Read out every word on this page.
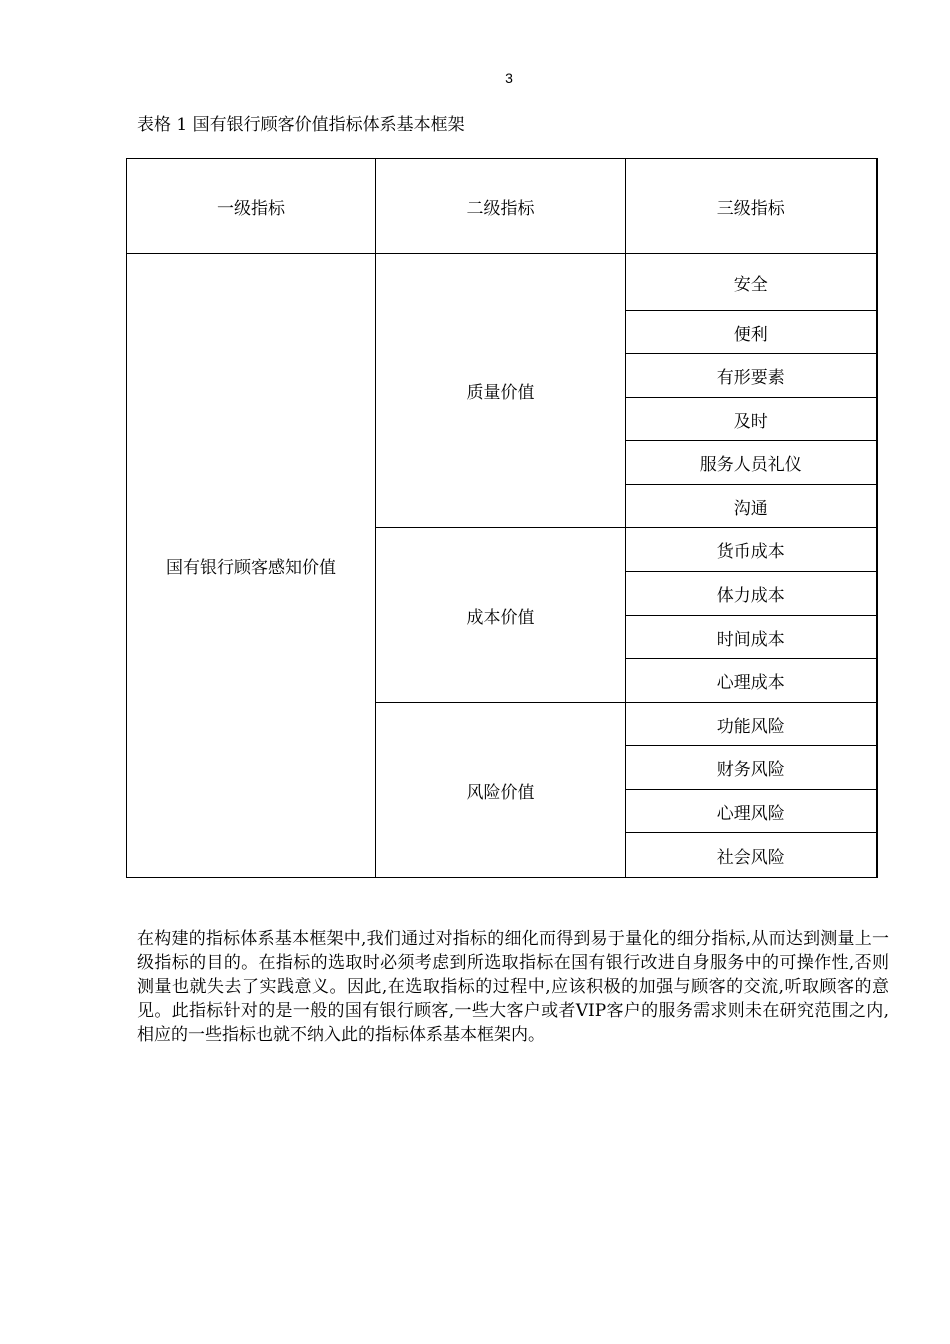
3
表格 1 国有银行顾客价值指标体系基本框架
一级指标	二级指标	三级指标
国有银行顾客感知价值	质量价值	安全
		便利
		有形要素
		及时
		服务人员礼仪
		沟通
	成本价值	货币成本
		体力成本
		时间成本
		心理成本
	风险价值	功能风险
		财务风险
		心理风险
		社会风险

在构建的指标体系基本框架中,我们通过对指标的细化而得到易于量化的细分指标,从而达到测量上一级指标的目的。在指标的选取时必须考虑到所选取指标在国有银行改进自身服务中的可操作性,否则测量也就失去了实践意义。因此,在选取指标的过程中,应该积极的加强与顾客的交流,听取顾客的意见。此指标针对的是一般的国有银行顾客,一些大客户或者VIP客户的服务需求则未在研究范围之内,相应的一些指标也就不纳入此的指标体系基本框架内。
